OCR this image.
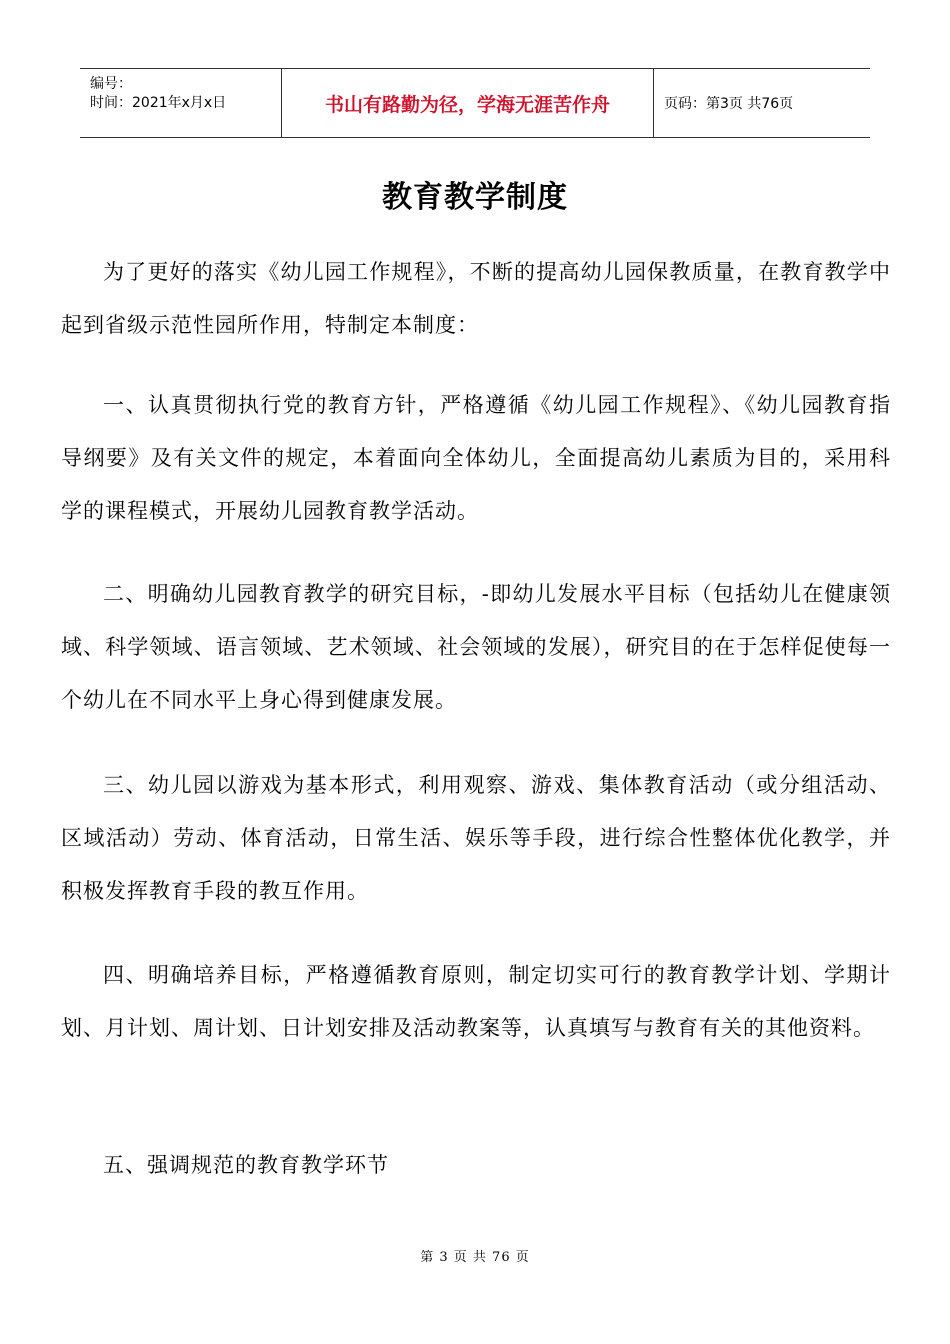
编号：
时间：2021年x月x日	书山有路勤为径，学海无涯苦作舟	页码：第3页 共76页
教育教学制度

为了更好的落实《幼儿园工作规程》，不断的提高幼儿园保教质量，在教育教学中起到省级示范性园所作用，特制定本制度：

一、认真贯彻执行党的教育方针，严格遵循《幼儿园工作规程》、《幼儿园教育指导纲要》及有关文件的规定，本着面向全体幼儿，全面提高幼儿素质为目的，采用科学的课程模式，开展幼儿园教育教学活动。

二、明确幼儿园教育教学的研究目标，-即幼儿发展水平目标（包括幼儿在健康领域、科学领域、语言领域、艺术领域、社会领域的发展），研究目的在于怎样促使每一个幼儿在不同水平上身心得到健康发展。

三、幼儿园以游戏为基本形式，利用观察、游戏、集体教育活动（或分组活动、区域活动）劳动、体育活动，日常生活、娱乐等手段，进行综合性整体优化教学，并积极发挥教育手段的教互作用。

四、明确培养目标，严格遵循教育原则，制定切实可行的教育教学计划、学期计划、月计划、周计划、日计划安排及活动教案等，认真填写与教育有关的其他资料。

五、强调规范的教育教学环节

第 3 页 共 76 页
